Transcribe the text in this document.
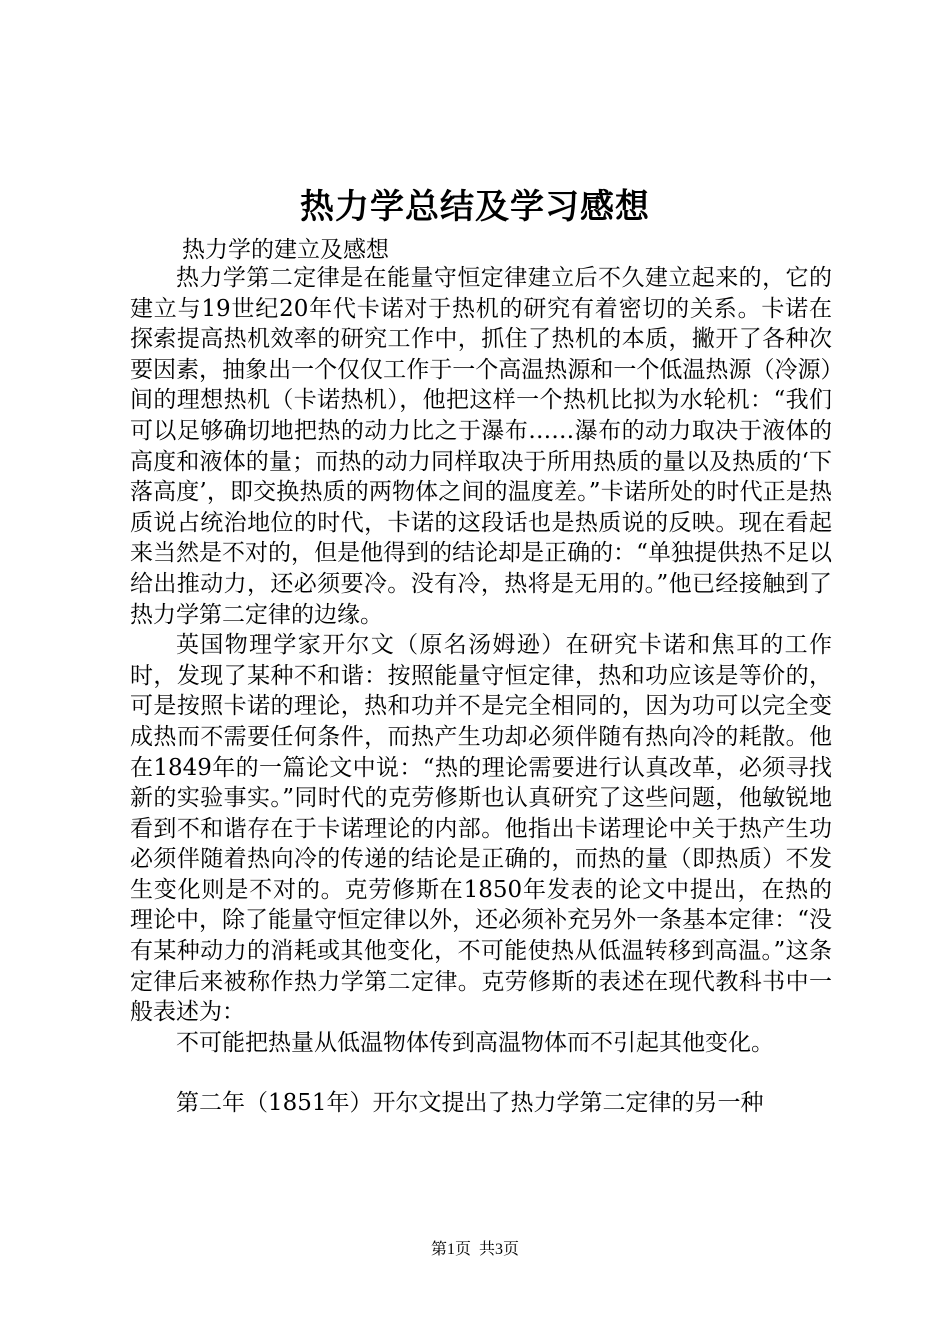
热力学总结及学习感想
热力学的建立及感想

热力学第二定律是在能量守恒定律建立后不久建立起来的，它的建立与19世纪20年代卡诺对于热机的研究有着密切的关系。卡诺在探索提高热机效率的研究工作中，抓住了热机的本质，撇开了各种次要因素，抽象出一个仅仅工作于一个高温热源和一个低温热源（冷源）间的理想热机（卡诺热机），他把这样一个热机比拟为水轮机：“我们可以足够确切地把热的动力比之于瀑布……瀑布的动力取决于液体的高度和液体的量；而热的动力同样取决于所用热质的量以及热质的‘下落高度’，即交换热质的两物体之间的温度差。”卡诺所处的时代正是热质说占统治地位的时代，卡诺的这段话也是热质说的反映。现在看起来当然是不对的，但是他得到的结论却是正确的：“单独提供热不足以给出推动力，还必须要冷。没有冷，热将是无用的。”他已经接触到了热力学第二定律的边缘。

英国物理学家开尔文（原名汤姆逊）在研究卡诺和焦耳的工作时，发现了某种不和谐：按照能量守恒定律，热和功应该是等价的，可是按照卡诺的理论，热和功并不是完全相同的，因为功可以完全变成热而不需要任何条件，而热产生功却必须伴随有热向冷的耗散。他在1849年的一篇论文中说：“热的理论需要进行认真改革，必须寻找新的实验事实。”同时代的克劳修斯也认真研究了这些问题，他敏锐地看到不和谐存在于卡诺理论的内部。他指出卡诺理论中关于热产生功必须伴随着热向冷的传递的结论是正确的，而热的量（即热质）不发生变化则是不对的。克劳修斯在1850年发表的论文中提出，在热的理论中，除了能量守恒定律以外，还必须补充另外一条基本定律：“没有某种动力的消耗或其他变化，不可能使热从低温转移到高温。”这条定律后来被称作热力学第二定律。克劳修斯的表述在现代教科书中一般表述为：

不可能把热量从低温物体传到高温物体而不引起其他变化。

第二年（1851年）开尔文提出了热力学第二定律的另一种

第1页 共3页
